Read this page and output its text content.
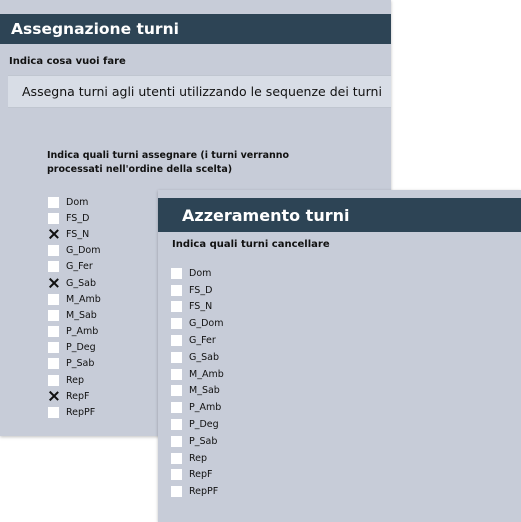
Assegnazione turni
Indica cosa vuoi fare
Assegna turni agli utenti utilizzando le sequenze dei turni
Indica quali turni assegnare (i turni verranno processati nell'ordine della scelta)
Dom
FS_D
FS_N
G_Dom
G_Fer
G_Sab
M_Amb
M_Sab
P_Amb
P_Deg
P_Sab
Rep
RepF
RepPF
Azzeramento turni
Indica quali turni cancellare
Dom
FS_D
FS_N
G_Dom
G_Fer
G_Sab
M_Amb
M_Sab
P_Amb
P_Deg
P_Sab
Rep
RepF
RepPF
